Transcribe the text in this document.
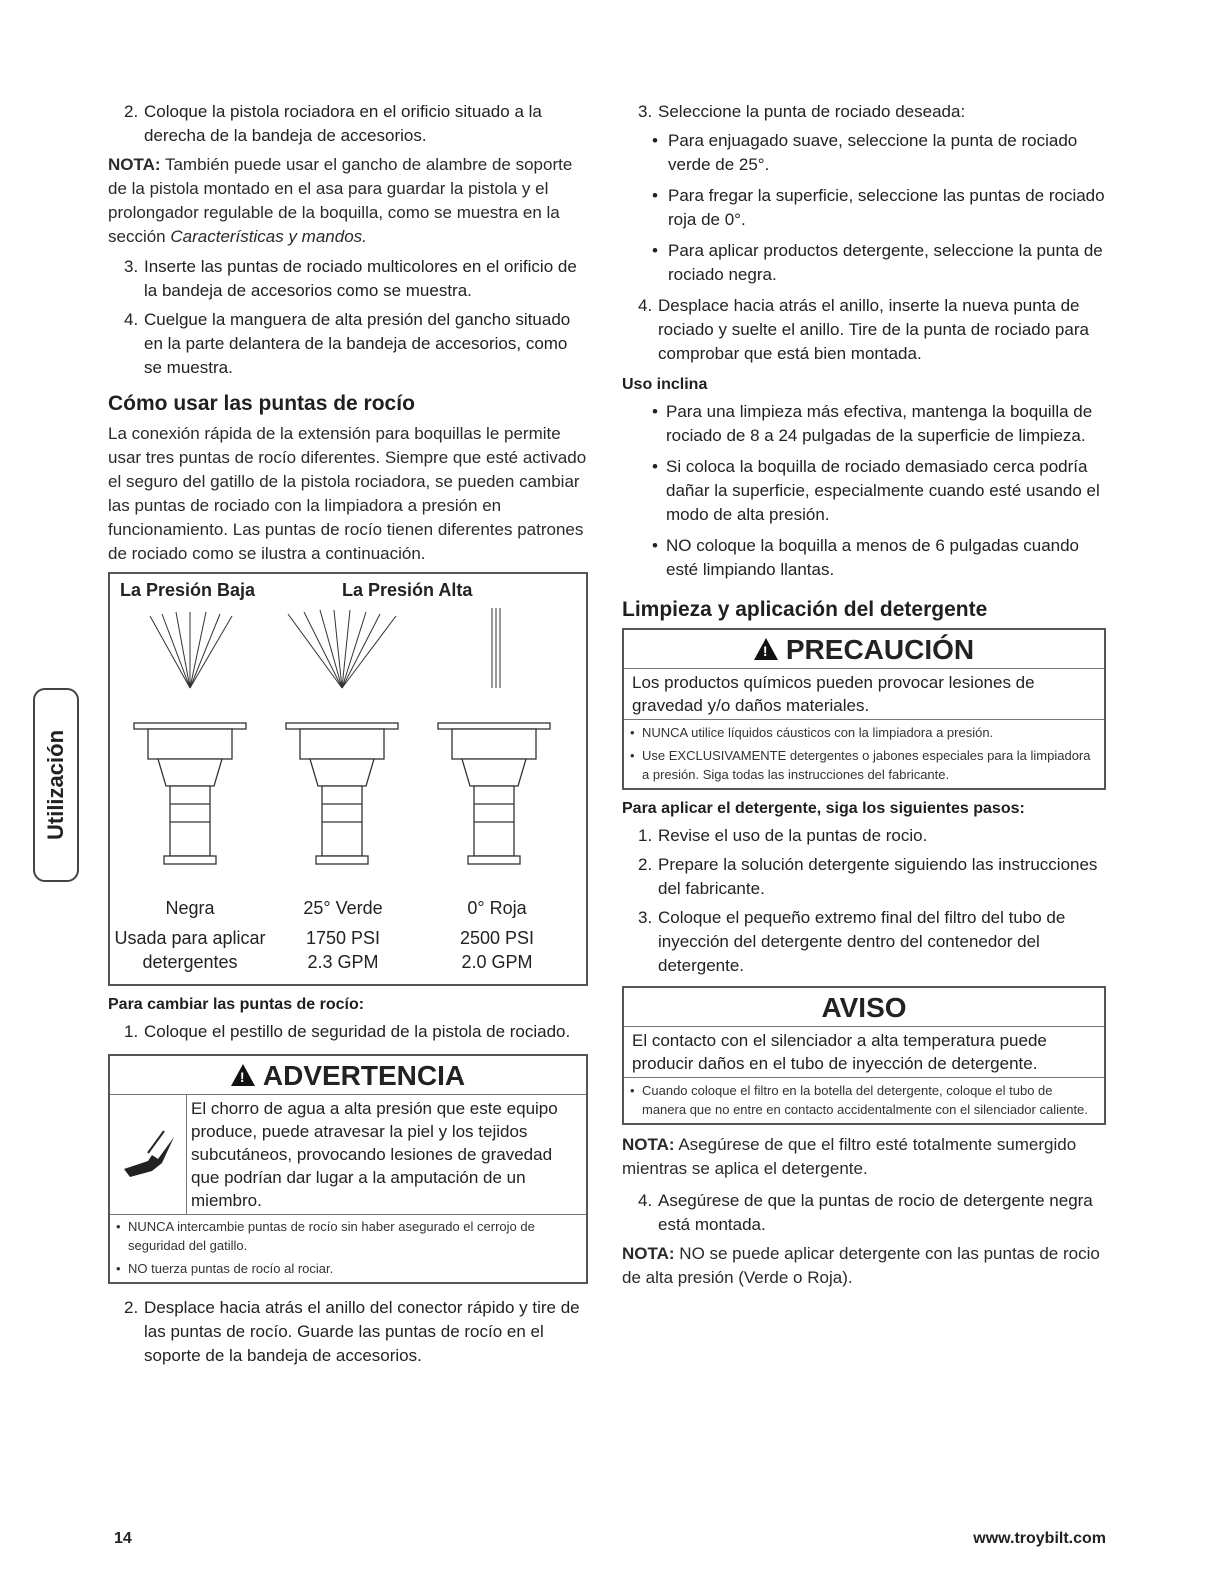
Utilización
2. Coloque la pistola rociadora en el orificio situado a la derecha de la bandeja de accesorios.

NOTA: También puede usar el gancho de alambre de soporte de la pistola montado en el asa para guardar la pistola y el prolongador regulable de la boquilla, como se muestra en la sección Características y mandos.

3. Inserte las puntas de rociado multicolores en el orificio de la bandeja de accesorios como se muestra.
4. Cuelgue la manguera de alta presión del gancho situado en la parte delantera de la bandeja de accesorios, como se muestra.
Cómo usar las puntas de rocío

La conexión rápida de la extensión para boquillas le permite usar tres puntas de rocío diferentes. Siempre que esté activado el seguro del gatillo de la pistola rociadora, se pueden cambiar las puntas de rociado con la limpiadora a presión en funcionamiento. Las puntas de rocío tienen diferentes patrones de rociado como se ilustra a continuación.

La Presión Baja	La Presión Alta
Negra
Usada para aplicar
detergentes
25° Verde
1750 PSI
2.3 GPM
0° Roja
2500 PSI
2.0 GPM
Para cambiar las puntas de rocío:
1. Coloque el pestillo de seguridad de la pistola de rociado.
! ADVERTENCIA

El chorro de agua a alta presión que este equipo produce, puede atravesar la piel y los tejidos subcutáneos, provocando lesiones de gravedad que podrían dar lugar a la amputación de un miembro.

• NUNCA intercambie puntas de rocío sin haber asegurado el cerrojo de seguridad del gatillo.
• NO tuerza puntas de rocío al rociar.
2. Desplace hacia atrás el anillo del conector rápido y tire de las puntas de rocío. Guarde las puntas de rocío en el soporte de la bandeja de accesorios.
3. Seleccione la punta de rociado deseada:
• Para enjuagado suave, seleccione la punta de rociado verde de 25°.
• Para fregar la superficie, seleccione las puntas de rociado roja de 0°.
• Para aplicar productos detergente, seleccione la punta de rociado negra.
4. Desplace hacia atrás el anillo, inserte la nueva punta de rociado y suelte el anillo. Tire de la punta de rociado para comprobar que está bien montada.
Uso inclina
• Para una limpieza más efectiva, mantenga la boquilla de rociado de 8 a 24 pulgadas de la superficie de limpieza.
• Si coloca la boquilla de rociado demasiado cerca podría dañar la superficie, especialmente cuando esté usando el modo de alta presión.
• NO coloque la boquilla a menos de 6 pulgadas cuando esté limpiando llantas.
Limpieza y aplicación del detergente
! PRECAUCIÓN

Los productos químicos pueden provocar lesiones de gravedad y/o daños materiales.

• NUNCA utilice líquidos cáusticos con la limpiadora a presión.
• Use EXCLUSIVAMENTE detergentes o jabones especiales para la limpiadora a presión. Siga todas las instrucciones del fabricante.
Para aplicar el detergente, siga los siguientes pasos:
1. Revise el uso de la puntas de rocio.
2. Prepare la solución detergente siguiendo las instrucciones del fabricante.
3. Coloque el pequeño extremo final del filtro del tubo de inyección del detergente dentro del contenedor del detergente.
AVISO

El contacto con el silenciador a alta temperatura puede producir daños en el tubo de inyección de detergente.

• Cuando coloque el filtro en la botella del detergente, coloque el tubo de manera que no entre en contacto accidentalmente con el silenciador caliente.

NOTA: Asegúrese de que el filtro esté totalmente sumergido mientras se aplica el detergente.

4. Asegúrese de que la puntas de rocio de detergente negra está montada.

NOTA: NO se puede aplicar detergente con las puntas de rocio de alta presión (Verde o Roja).

14	www.troybilt.com
